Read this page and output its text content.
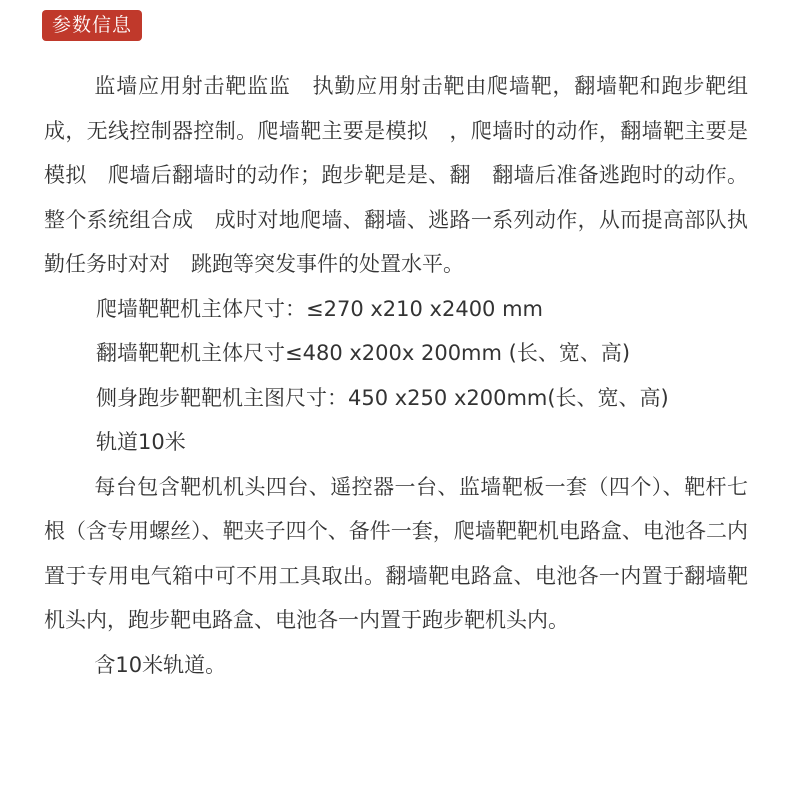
参数信息

监墙应用射击靶监监　执勤应用射击靶由爬墙靶，翻墙靶和跑步靶组成，无线控制器控制。爬墙靶主要是模拟　，爬墙时的动作，翻墙靶主要是模拟　爬墙后翻墙时的动作；跑步靶是是、翻　翻墙后准备逃跑时的动作。整个系统组合成　成时对地爬墙、翻墙、逃路一系列动作，从而提高部队执勤任务时对对　跳跑等突发事件的处置水平。

爬墙靶靶机主体尺寸：≤270 x210 x2400 mm

翻墙靶靶机主体尺寸≤480 x200x 200mm (长、宽、高)

侧身跑步靶靶机主图尺寸：450 x250 x200mm(长、宽、高)

轨道10米

每台包含靶机机头四台、遥控器一台、监墙靶板一套（四个）、靶杆七根（含专用螺丝）、靶夹子四个、备件一套，爬墙靶靶机电路盒、电池各二内置于专用电气箱中可不用工具取出。翻墙靶电路盒、电池各一内置于翻墙靶机头内，跑步靶电路盒、电池各一内置于跑步靶机头内。

含10米轨道。
